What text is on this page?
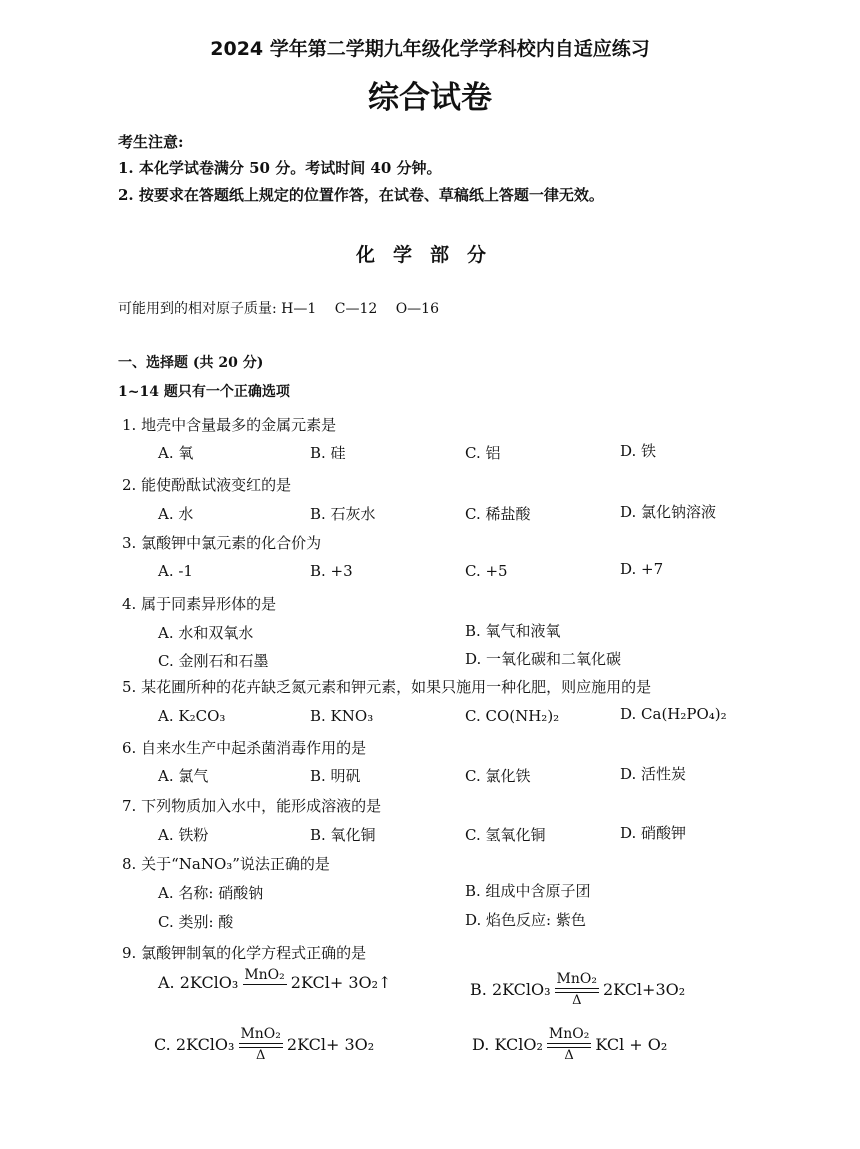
2024 学年第二学期九年级化学学科校内自适应练习
综合试卷
考生注意:
1. 本化学试卷满分 50 分。考试时间 40 分钟。
2. 按要求在答题纸上规定的位置作答，在试卷、草稿纸上答题一律无效。
化学部分
可能用到的相对原子质量: H—1　 C—12　 O—16
一、选择题 (共 20 分)
1~14 题只有一个正确选项
1. 地壳中含量最多的金属元素是
A. 氧	B. 硅	C. 铝	D. 铁
2. 能使酚酞试液变红的是
A. 水	B. 石灰水	C. 稀盐酸	D. 氯化钠溶液
3. 氯酸钾中氯元素的化合价为
A. -1	B. +3	C. +5	D. +7
4. 属于同素异形体的是
A. 水和双氧水	B. 氧气和液氧
C. 金刚石和石墨	D. 一氧化碳和二氧化碳
5. 某花圃所种的花卉缺乏氮元素和钾元素，如果只施用一种化肥，则应施用的是
A. K₂CO₃	B. KNO₃	C. CO(NH₂)₂	D. Ca(H₂PO₄)₂
6. 自来水生产中起杀菌消毒作用的是
A. 氯气	B. 明矾	C. 氯化铁	D. 活性炭
7. 下列物质加入水中，能形成溶液的是
A. 铁粉	B. 氧化铜	C. 氢氧化铜	D. 硝酸钾
8. 关于“NaNO₃”说法正确的是
A. 名称: 硝酸钠	B. 组成中含原子团
C. 类别: 酸	D. 焰色反应: 紫色
9. 氯酸钾制氧的化学方程式正确的是
A.
2KClO₃ MnO₂ 2KCl+ 3O₂↑	B.
2KClO₃
MnO₂
Δ
2KCl+3O₂
C.
2KClO₃
MnO₂
Δ
2KCl+ 3O₂	D.
KClO₂
MnO₂
Δ
KCl + O₂
